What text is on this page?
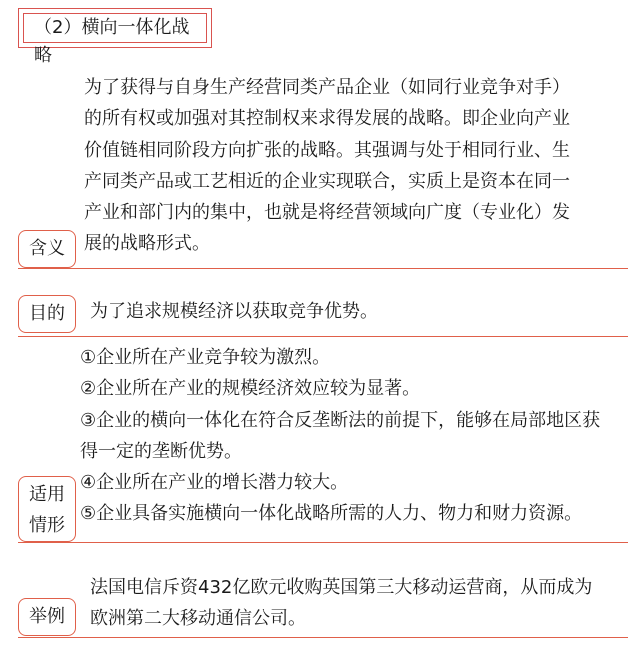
（2）横向一体化战略
为了获得与自身生产经营同类产品企业（如同行业竞争对手）
的所有权或加强对其控制权来求得发展的战略。即企业向产业
价值链相同阶段方向扩张的战略。其强调与处于相同行业、生
产同类产品或工艺相近的企业实现联合，实质上是资本在同一
产业和部门内的集中，也就是将经营领域向广度（专业化）发
展的战略形式。
含义
目的	为了追求规模经济以获取竞争优势。
①企业所在产业竞争较为激烈。
②企业所在产业的规模经济效应较为显著。
③企业的横向一体化在符合反垄断法的前提下，能够在局部地区获
得一定的垄断优势。
④企业所在产业的增长潜力较大。
⑤企业具备实施横向一体化战略所需的人力、物力和财力资源。
适用
情形
法国电信斥资432亿欧元收购英国第三大移动运营商，从而成为
欧洲第二大移动通信公司。
举例
